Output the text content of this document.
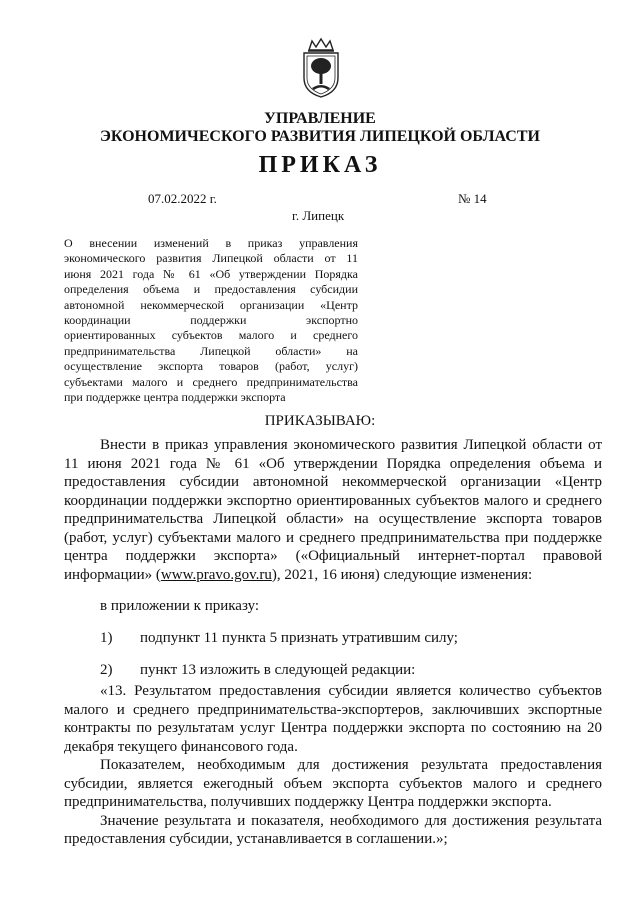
УПРАВЛЕНИЕ
ЭКОНОМИЧЕСКОГО РАЗВИТИЯ ЛИПЕЦКОЙ ОБЛАСТИ
ПРИКАЗ
07.02.2022 г.	№ 14
г. Липецк
О внесении изменений в приказ управления
экономического развития Липецкой области от 11
июня 2021 года № 61 «Об утверждении Порядка
определения объема и предоставления субсидии
автономной некоммерческой организации «Центр
координации поддержки экспортно
ориентированных субъектов малого и среднего
предпринимательства Липецкой области» на
осуществление экспорта товаров (работ, услуг)
субъектами малого и среднего предпринимательства
при поддержке центра поддержки экспорта
ПРИКАЗЫВАЮ:
Внести в приказ управления экономического развития Липецкой области от
11 июня 2021 года № 61 «Об утверждении Порядка определения объема и
предоставления субсидии автономной некоммерческой организации «Центр
координации поддержки экспортно ориентированных субъектов малого и среднего
предпринимательства Липецкой области» на осуществление экспорта товаров
(работ, услуг) субъектами малого и среднего предпринимательства при поддержке
центра поддержки экспорта» («Официальный интернет-портал правовой
информации» (www.pravo.gov.ru), 2021, 16 июня) следующие изменения:
в приложении к приказу:
1) подпункт 11 пункта 5 признать утратившим силу;
2) пункт 13 изложить в следующей редакции:
«13. Результатом предоставления субсидии является количество субъектов
малого и среднего предпринимательства-экспортеров, заключивших экспортные
контракты по результатам услуг Центра поддержки экспорта по состоянию на 20
декабря текущего финансового года.
Показателем, необходимым для достижения результата предоставления
субсидии, является ежегодный объем экспорта субъектов малого и среднего
предпринимательства, получивших поддержку Центра поддержки экспорта.
Значение результата и показателя, необходимого для достижения результата
предоставления субсидии, устанавливается в соглашении.»;
